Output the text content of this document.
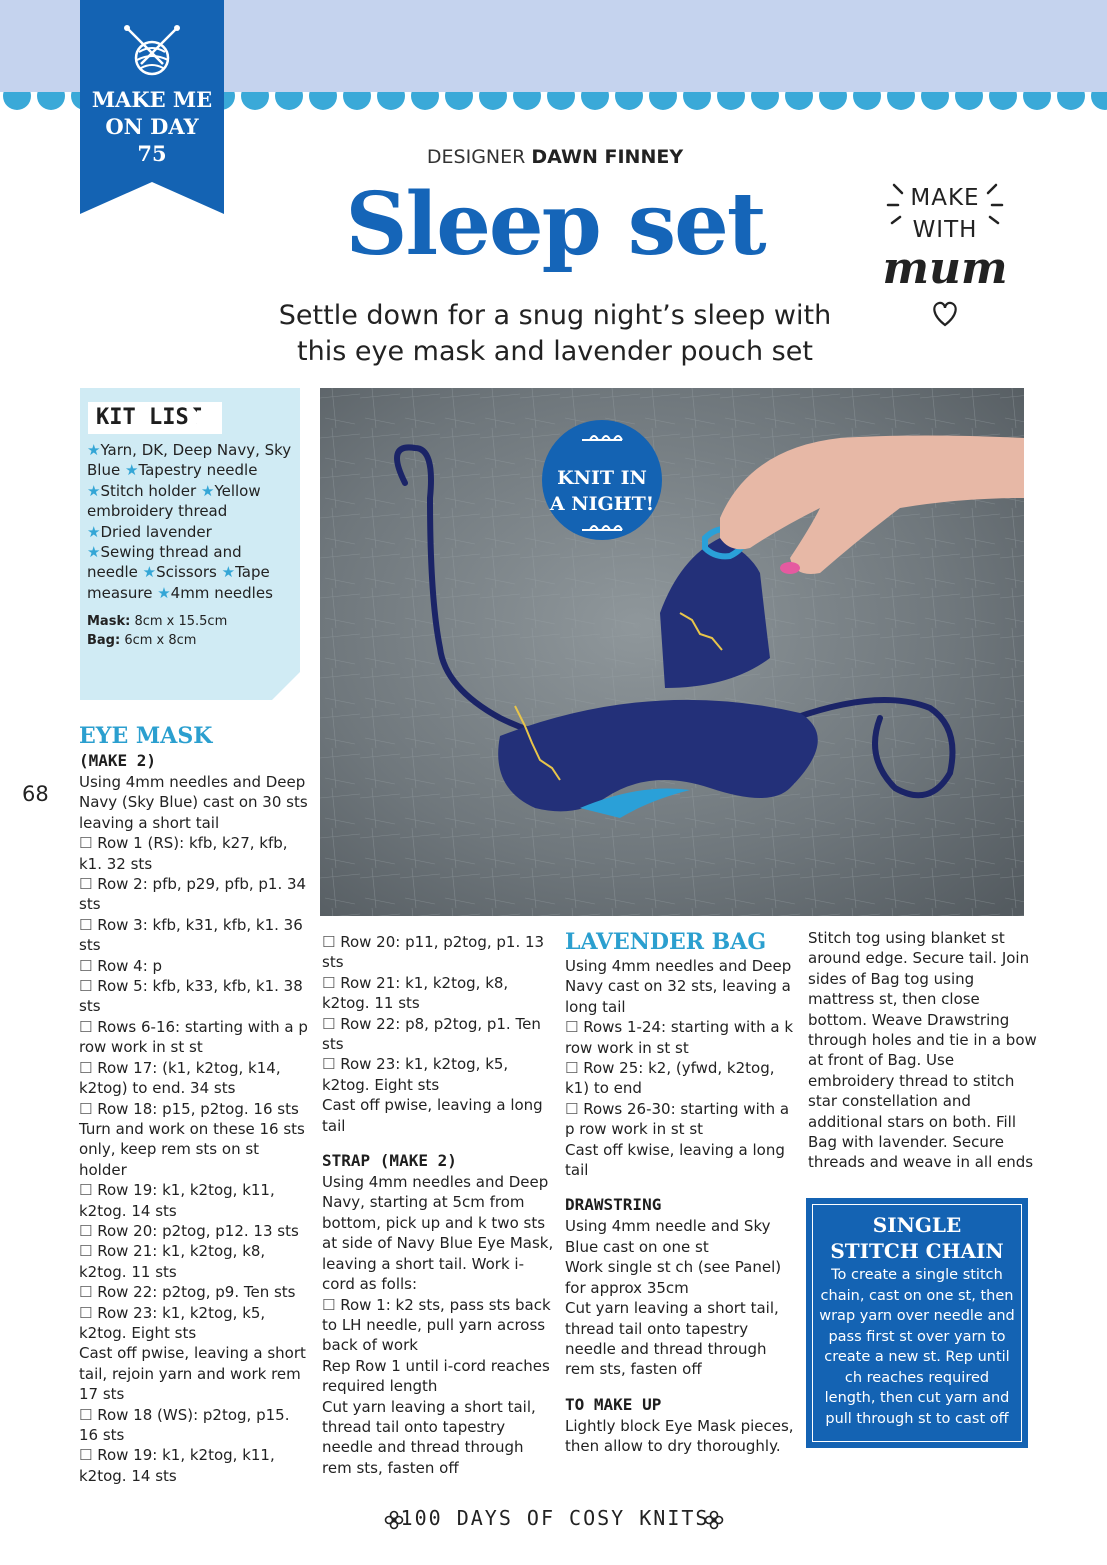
MAKE ME
ON DAY
75	DESIGNER DAWN FINNEY
Sleep set
Settle down for a snug night’s sleep with
this eye mask and lavender pouch set
MAKE
WITH
mum
KIT LIST
★Yarn, DK, Deep Navy, Sky Blue ★Tapestry needle ★Stitch holder ★Yellow embroidery thread
★Dried lavender
★Sewing thread and needle ★Scissors ★Tape measure ★4mm needles
Mask: 8cm x 15.5cm
Bag: 6cm x 8cm
KNIT IN
A NIGHT!
68

EYE MASK

(MAKE 2)

Using 4mm needles and Deep Navy (Sky Blue) cast on 30 sts leaving a short tail

☐ Row 1 (RS): kfb, k27, kfb, k1. 32 sts

☐ Row 2: pfb, p29, pfb, p1. 34 sts

☐ Row 3: kfb, k31, kfb, k1. 36 sts

☐ Row 4: p

☐ Row 5: kfb, k33, kfb, k1. 38 sts

☐ Rows 6-16: starting with a p row work in st st

☐ Row 17: (k1, k2tog, k14, k2tog) to end. 34 sts

☐ Row 18: p15, p2tog. 16 sts

Turn and work on these 16 sts only, keep rem sts on st holder

☐ Row 19: k1, k2tog, k11, k2tog. 14 sts

☐ Row 20: p2tog, p12. 13 sts

☐ Row 21: k1, k2tog, k8, k2tog. 11 sts

☐ Row 22: p2tog, p9. Ten sts

☐ Row 23: k1, k2tog, k5, k2tog. Eight sts

Cast off pwise, leaving a short tail, rejoin yarn and work rem 17 sts

☐ Row 18 (WS): p2tog, p15. 16 sts

☐ Row 19: k1, k2tog, k11, k2tog. 14 sts

☐ Row 20: p11, p2tog, p1. 13 sts

☐ Row 21: k1, k2tog, k8, k2tog. 11 sts

☐ Row 22: p8, p2tog, p1. Ten sts

☐ Row 23: k1, k2tog, k5, k2tog. Eight sts

Cast off pwise, leaving a long tail

STRAP (MAKE 2)

Using 4mm needles and Deep Navy, starting at 5cm from bottom, pick up and k two sts at side of Navy Blue Eye Mask, leaving a short tail. Work i-cord as folls:

☐ Row 1: k2 sts, pass sts back to LH needle, pull yarn across back of work

Rep Row 1 until i-cord reaches required length

Cut yarn leaving a short tail, thread tail onto tapestry needle and thread through rem sts, fasten off

LAVENDER BAG

Using 4mm needles and Deep Navy cast on 32 sts, leaving a long tail

☐ Rows 1-24: starting with a k row work in st st

☐ Row 25: k2, (yfwd, k2tog, k1) to end

☐ Rows 26-30: starting with a p row work in st st

Cast off kwise, leaving a long tail

DRAWSTRING

Using 4mm needle and Sky Blue cast on one st

Work single st ch (see Panel) for approx 35cm

Cut yarn leaving a short tail, thread tail onto tapestry needle and thread through rem sts, fasten off

TO MAKE UP

Lightly block Eye Mask pieces, then allow to dry thoroughly.

Stitch tog using blanket st around edge. Secure tail. Join sides of Bag tog using mattress st, then close bottom. Weave Drawstring through holes and tie in a bow at front of Bag. Use embroidery thread to stitch star constellation and additional stars on both. Fill Bag with lavender. Secure threads and weave in all ends

SINGLE
STITCH CHAIN
To create a single stitch chain, cast on one st, then wrap yarn over needle and pass first st over yarn to create a new st. Rep until ch reaches required length, then cut yarn and pull through st to cast off
100 DAYS OF COSY KNITS
